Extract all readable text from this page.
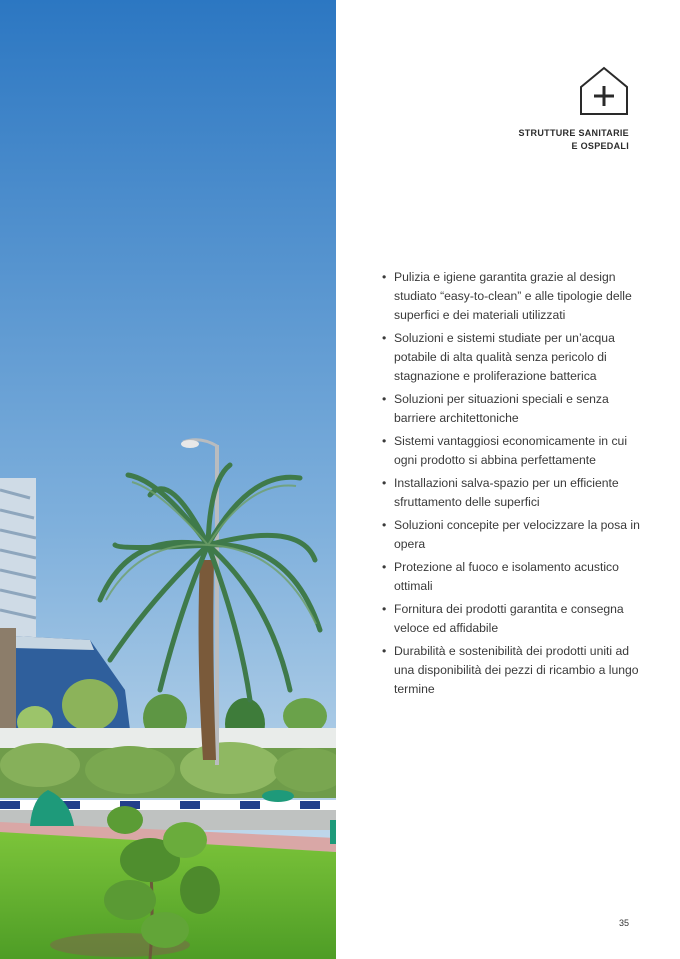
STRUTTURE SANITARIE
E OSPEDALI
• Pulizia e igiene garantita grazie al design studiato “easy-to-clean” e alle tipologie delle superfici e dei materiali utilizzati
• Soluzioni e sistemi studiate per un’acqua potabile di alta qualità senza pericolo di stagnazione e proliferazione batterica
• Soluzioni per situazioni speciali e senza barriere architettoniche
• Sistemi vantaggiosi economicamente in cui ogni prodotto si abbina perfettamente
• Installazioni salva-spazio per un efficiente sfruttamento delle superfici
• Soluzioni concepite per velocizzare la posa in opera
• Protezione al fuoco e isolamento acustico ottimali
• Fornitura dei prodotti garantita e consegna veloce ed affidabile
• Durabilità e sostenibilità dei prodotti uniti ad una disponibilità dei pezzi di ricambio a lungo termine
35
